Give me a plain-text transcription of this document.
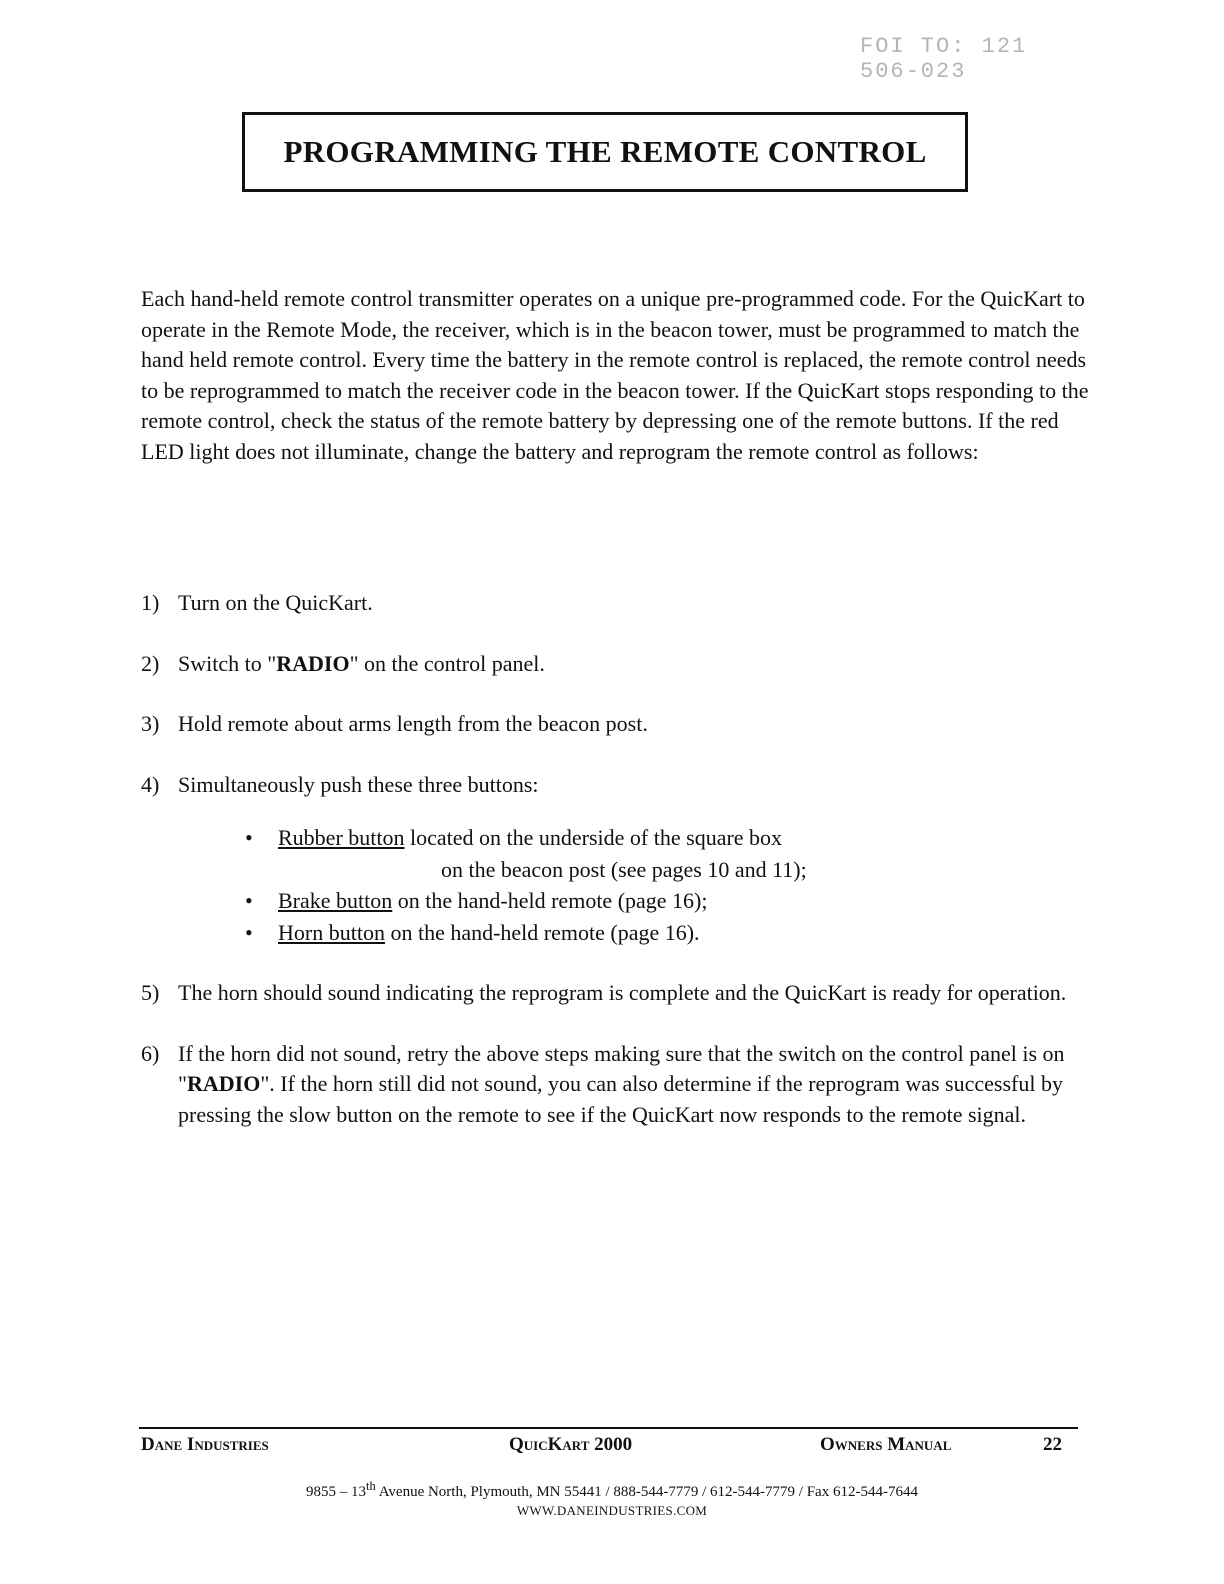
FOI TO: 121 506-023
PROGRAMMING THE REMOTE CONTROL

Each hand-held remote control transmitter operates on a unique pre-programmed code. For the QuicKart to operate in the Remote Mode, the receiver, which is in the beacon tower, must be programmed to match the hand held remote control. Every time the battery in the remote control is replaced, the remote control needs to be reprogrammed to match the receiver code in the beacon tower. If the QuicKart stops responding to the remote control, check the status of the remote battery by depressing one of the remote buttons. If the red LED light does not illuminate, change the battery and reprogram the remote control as follows:

1) Turn on the QuicKart.
2) Switch to "RADIO" on the control panel.
3) Hold remote about arms length from the beacon post.
4) Simultaneously push these three buttons:
• Rubber button located on the underside of the square box
on the beacon post (see pages 10 and 11);
• Brake button on the hand-held remote (page 16);
• Horn button on the hand-held remote (page 16).
5) The horn should sound indicating the reprogram is complete and the QuicKart is ready for operation.
6) If the horn did not sound, retry the above steps making sure that the switch on the control panel is on "RADIO". If the horn still did not sound, you can also determine if the reprogram was successful by pressing the slow button on the remote to see if the QuicKart now responds to the remote signal.
Dane Industries	QuicKart 2000	Owners Manual	22
9855 – 13th Avenue North, Plymouth, MN 55441 / 888-544-7779 / 612-544-7779 / Fax 612-544-7644
WWW.DANEINDUSTRIES.COM
